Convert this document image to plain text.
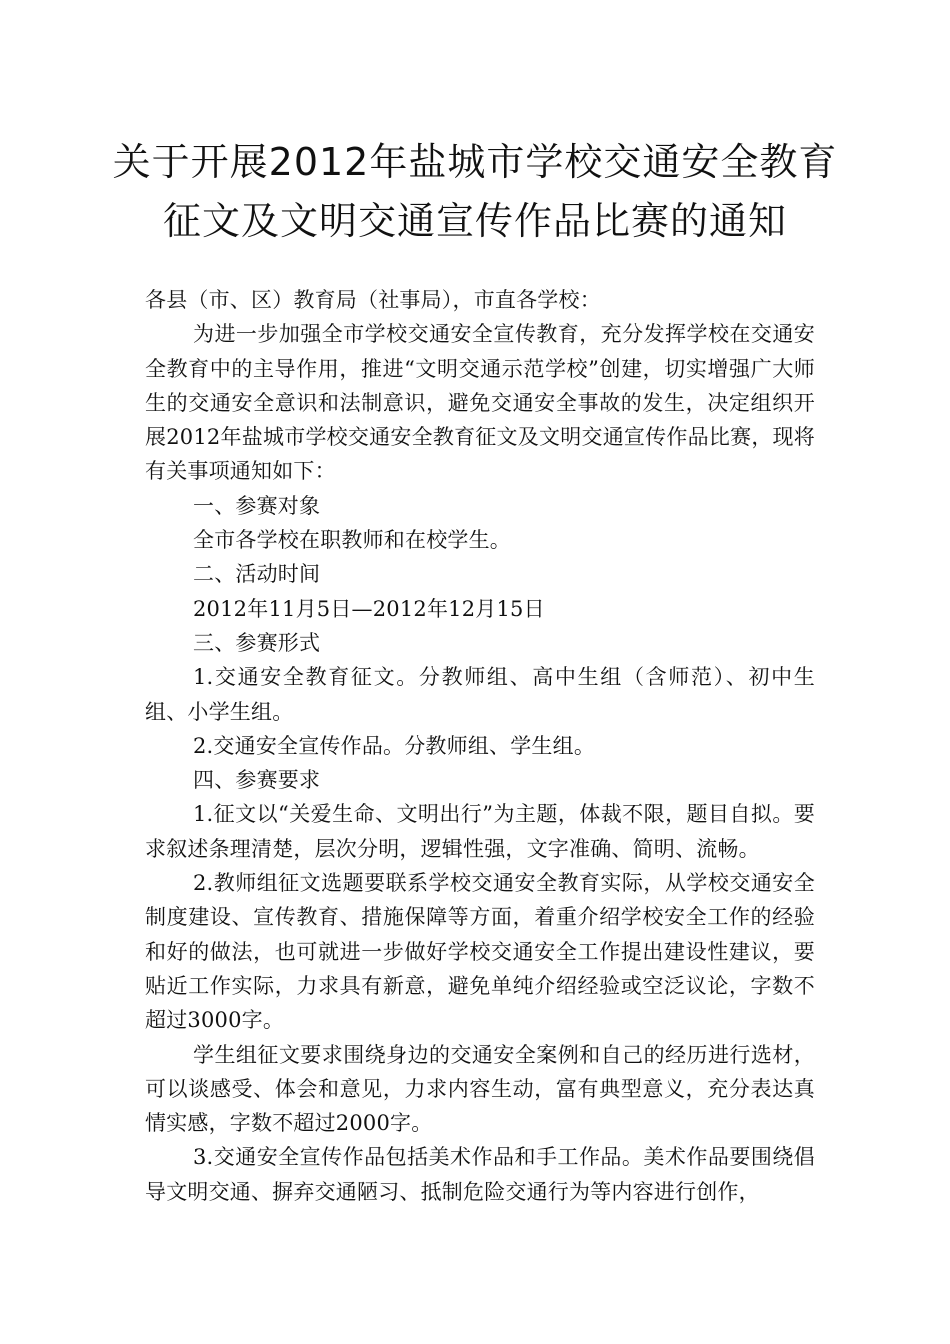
关于开展2012年盐城市学校交通安全教育
征文及文明交通宣传作品比赛的通知

各县（市、区）教育局（社事局），市直各学校：

为进一步加强全市学校交通安全宣传教育，充分发挥学校在交通安全教育中的主导作用，推进“文明交通示范学校”创建，切实增强广大师生的交通安全意识和法制意识，避免交通安全事故的发生，决定组织开展2012年盐城市学校交通安全教育征文及文明交通宣传作品比赛，现将有关事项通知如下：

一、参赛对象

全市各学校在职教师和在校学生。

二、活动时间

2012年11月5日—2012年12月15日

三、参赛形式

1.交通安全教育征文。分教师组、高中生组（含师范）、初中生组、小学生组。

2.交通安全宣传作品。分教师组、学生组。

四、参赛要求

1.征文以“关爱生命、文明出行”为主题，体裁不限，题目自拟。要求叙述条理清楚，层次分明，逻辑性强，文字准确、简明、流畅。

2.教师组征文选题要联系学校交通安全教育实际，从学校交通安全制度建设、宣传教育、措施保障等方面，着重介绍学校安全工作的经验和好的做法，也可就进一步做好学校交通安全工作提出建设性建议，要贴近工作实际，力求具有新意，避免单纯介绍经验或空泛议论，字数不超过3000字。

学生组征文要求围绕身边的交通安全案例和自己的经历进行选材，可以谈感受、体会和意见，力求内容生动，富有典型意义，充分表达真情实感，字数不超过2000字。

3.交通安全宣传作品包括美术作品和手工作品。美术作品要围绕倡导文明交通、摒弃交通陋习、抵制危险交通行为等内容进行创作，
